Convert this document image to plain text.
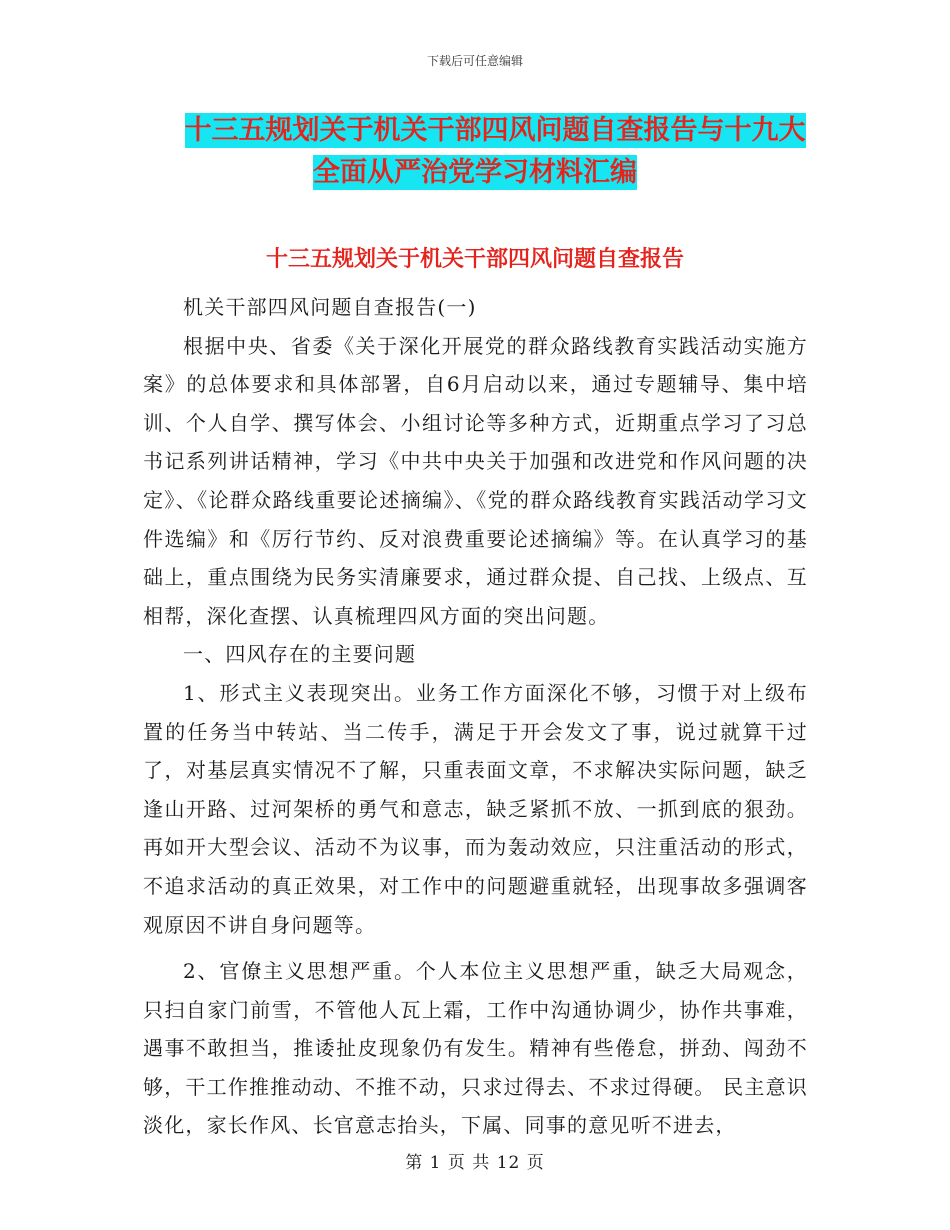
下载后可任意编辑
十三五规划关于机关干部四风问题自查报告与十九大
全面从严治党学习材料汇编
十三五规划关于机关干部四风问题自查报告

机关干部四风问题自查报告(一)

根据中央、省委《关于深化开展党的群众路线教育实践活动实施方案》的总体要求和具体部署，自6月启动以来，通过专题辅导、集中培训、个人自学、撰写体会、小组讨论等多种方式，近期重点学习了习总书记系列讲话精神，学习《中共中央关于加强和改进党和作风问题的决定》、《论群众路线重要论述摘编》、《党的群众路线教育实践活动学习文件选编》和《厉行节约、反对浪费重要论述摘编》等。在认真学习的基础上，重点围绕为民务实清廉要求，通过群众提、自己找、上级点、互相帮，深化查摆、认真梳理四风方面的突出问题。

一、四风存在的主要问题

1、形式主义表现突出。业务工作方面深化不够，习惯于对上级布置的任务当中转站、当二传手，满足于开会发文了事，说过就算干过了，对基层真实情况不了解，只重表面文章，不求解决实际问题，缺乏逢山开路、过河架桥的勇气和意志，缺乏紧抓不放、一抓到底的狠劲。再如开大型会议、活动不为议事，而为轰动效应，只注重活动的形式，不追求活动的真正效果，对工作中的问题避重就轻，出现事故多强调客观原因不讲自身问题等。

2、官僚主义思想严重。个人本位主义思想严重，缺乏大局观念，只扫自家门前雪，不管他人瓦上霜，工作中沟通协调少，协作共事难，遇事不敢担当，推诿扯皮现象仍有发生。精神有些倦怠，拼劲、闯劲不够，干工作推推动动、不推不动，只求过得去、不求过得硬。 民主意识淡化，家长作风、长官意志抬头，下属、同事的意见听不进去，

第 1 页 共 12 页
